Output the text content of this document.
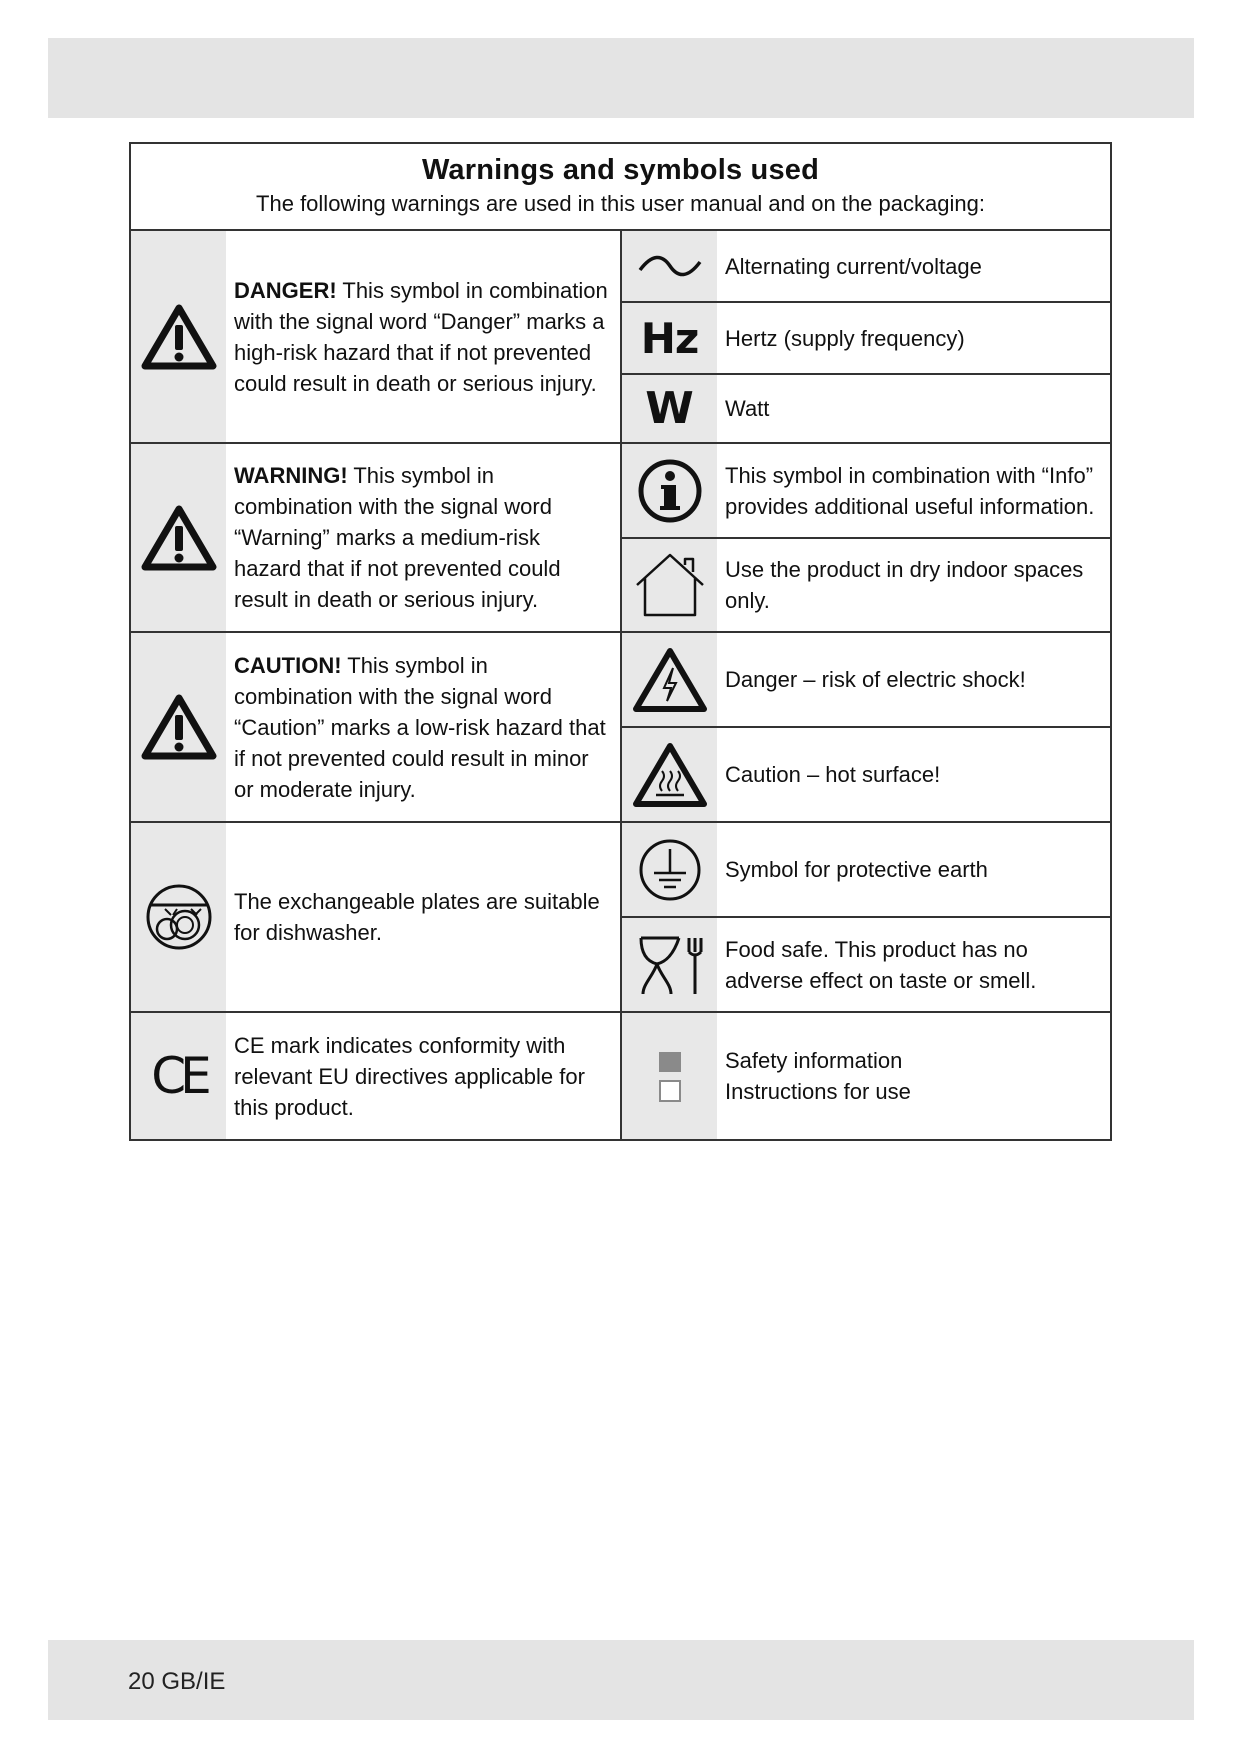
Warnings and symbols used
The following warnings are used in this user manual and on the packaging:
DANGER! This symbol in combination with the signal word “Danger” marks a high-risk hazard that if not prevented could result in death or serious injury.
WARNING! This symbol in combination with the signal word “Warning” marks a medium-risk hazard that if not prevented could result in death or serious injury.
CAUTION! This symbol in combination with the signal word “Caution” marks a low-risk hazard that if not prevented could result in minor or moderate injury.
The exchangeable plates are suitable for dishwasher.
CE
CE mark indicates conformity with relevant EU directives applicable for this product.
Alternating current/voltage
Hz Hertz (supply frequency)
W Watt
This symbol in combination with “Info” provides additional useful information.
Use the product in dry indoor spaces only.
Danger – risk of electric shock!
Caution – hot surface!
Symbol for protective earth
Food safe. This product has no adverse effect on taste or smell.
Safety information
Instructions for use
20 GB/IE
